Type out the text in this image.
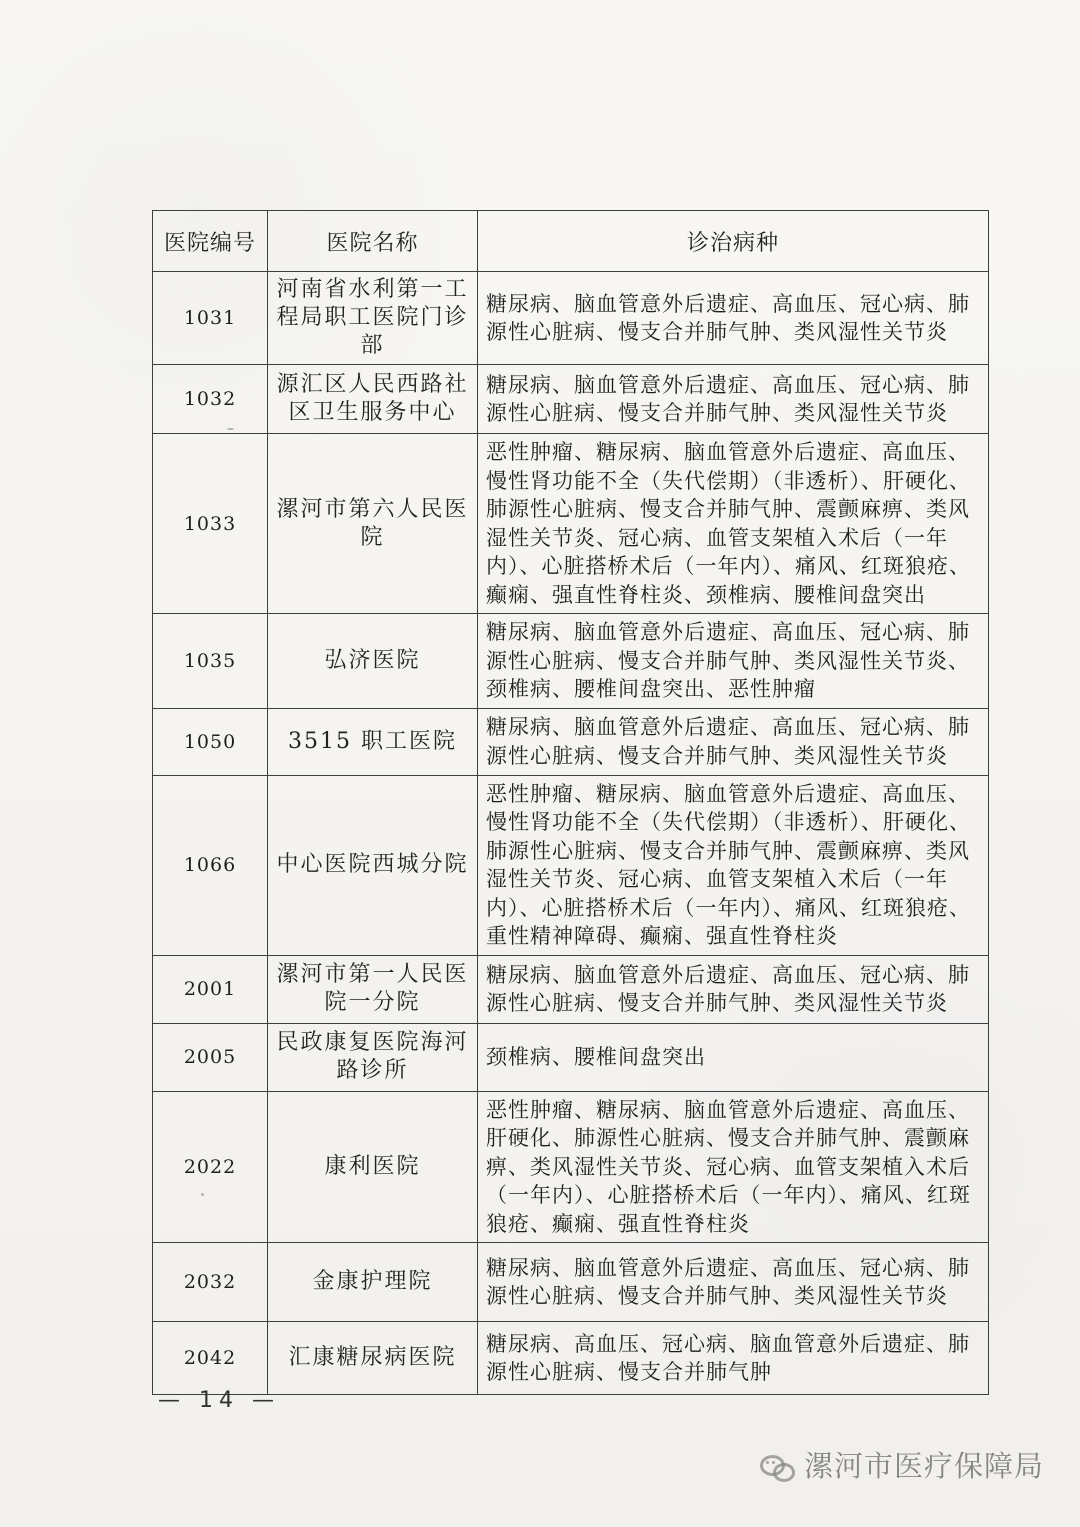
医院编号	医院名称	诊治病种
1031	河南省水利第一工程局职工医院门诊部	糖尿病、脑血管意外后遗症、高血压、冠心病、肺源性心脏病、慢支合并肺气肿、类风湿性关节炎
1032	源汇区人民西路社区卫生服务中心	糖尿病、脑血管意外后遗症、高血压、冠心病、肺源性心脏病、慢支合并肺气肿、类风湿性关节炎
1033	漯河市第六人民医院	恶性肿瘤、糖尿病、脑血管意外后遗症、高血压、慢性肾功能不全（失代偿期）（非透析）、肝硬化、肺源性心脏病、慢支合并肺气肿、震颤麻痹、类风湿性关节炎、冠心病、血管支架植入术后（一年内）、心脏搭桥术后（一年内）、痛风、红斑狼疮、癫痫、强直性脊柱炎、颈椎病、腰椎间盘突出
1035	弘济医院	糖尿病、脑血管意外后遗症、高血压、冠心病、肺源性心脏病、慢支合并肺气肿、类风湿性关节炎、颈椎病、腰椎间盘突出、恶性肿瘤
1050	3515 职工医院	糖尿病、脑血管意外后遗症、高血压、冠心病、肺源性心脏病、慢支合并肺气肿、类风湿性关节炎
1066	中心医院西城分院	恶性肿瘤、糖尿病、脑血管意外后遗症、高血压、慢性肾功能不全（失代偿期）（非透析）、肝硬化、肺源性心脏病、慢支合并肺气肿、震颤麻痹、类风湿性关节炎、冠心病、血管支架植入术后（一年内）、心脏搭桥术后（一年内）、痛风、红斑狼疮、重性精神障碍、癫痫、强直性脊柱炎
2001	漯河市第一人民医院一分院	糖尿病、脑血管意外后遗症、高血压、冠心病、肺源性心脏病、慢支合并肺气肿、类风湿性关节炎
2005	民政康复医院海河路诊所	颈椎病、腰椎间盘突出
2022	康利医院	恶性肿瘤、糖尿病、脑血管意外后遗症、高血压、肝硬化、肺源性心脏病、慢支合并肺气肿、震颤麻痹、类风湿性关节炎、冠心病、血管支架植入术后（一年内）、心脏搭桥术后（一年内）、痛风、红斑狼疮、癫痫、强直性脊柱炎
2032	金康护理院	糖尿病、脑血管意外后遗症、高血压、冠心病、肺源性心脏病、慢支合并肺气肿、类风湿性关节炎
2042	汇康糖尿病医院	糖尿病、高血压、冠心病、脑血管意外后遗症、肺源性心脏病、慢支合并肺气肿
— 14 —
漯河市医疗保障局
